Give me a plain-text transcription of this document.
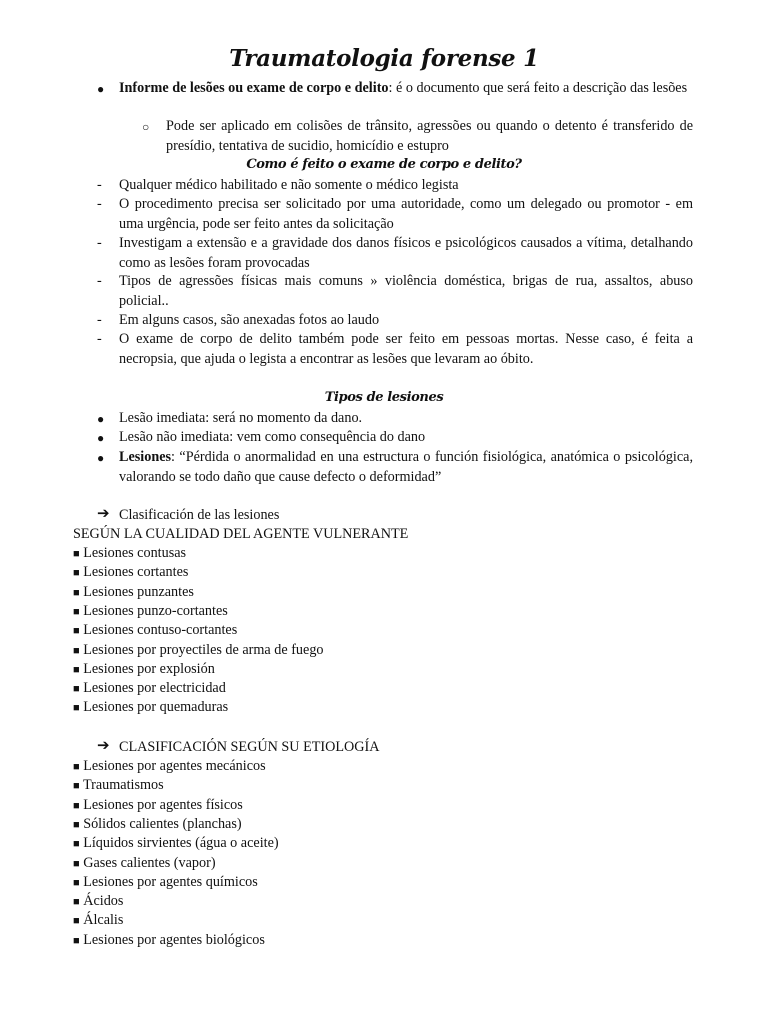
Traumatologia forense 1
● Informe de lesões ou exame de corpo e delito: é o documento que será feito a descrição das lesões
○ Pode ser aplicado em colisões de trânsito, agressões ou quando o detento é transferido de presídio, tentativa de sucidio, homicídio e estupro
Como é feito o exame de corpo e delito?
- Qualquer médico habilitado e não somente o médico legista
- O procedimento precisa ser solicitado por uma autoridade, como um delegado ou promotor - em uma urgência, pode ser feito antes da solicitação
- Investigam a extensão e a gravidade dos danos físicos e psicológicos causados a vítima, detalhando como as lesões foram provocadas
- Tipos de agressões físicas mais comuns » violência doméstica, brigas de rua, assaltos, abuso policial..
- Em alguns casos, são anexadas fotos ao laudo
- O exame de corpo de delito também pode ser feito em pessoas mortas. Nesse caso, é feita a necropsia, que ajuda o legista a encontrar as lesões que levaram ao óbito.
Tipos de lesiones
● Lesão imediata: será no momento da dano.
● Lesão não imediata: vem como consequência do dano
● Lesiones: “Pérdida o anormalidad en una estructura o función fisiológica, anatómica o psicológica, valorando se todo daño que cause defecto o deformidad”
➔ Clasificación de las lesiones
SEGÚN LA CUALIDAD DEL AGENTE VULNERANTE
■ Lesiones contusas
■ Lesiones cortantes
■ Lesiones punzantes
■ Lesiones punzo-cortantes
■ Lesiones contuso-cortantes
■ Lesiones por proyectiles de arma de fuego
■ Lesiones por explosión
■ Lesiones por electricidad
■ Lesiones por quemaduras
➔ CLASIFICACIÓN SEGÚN SU ETIOLOGÍA
■ Lesiones por agentes mecánicos
■ Traumatismos
■ Lesiones por agentes físicos
■ Sólidos calientes (planchas)
■ Líquidos sirvientes (água o aceite)
■ Gases calientes (vapor)
■ Lesiones por agentes químicos
■ Ácidos
■ Álcalis
■ Lesiones por agentes biológicos
